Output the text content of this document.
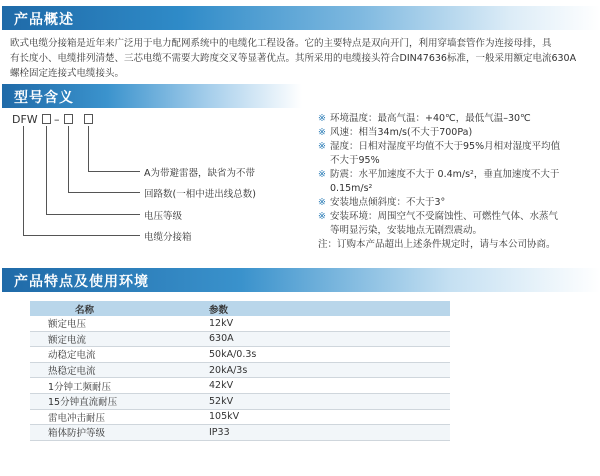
产品概述
欧式电缆分接箱是近年来广泛用于电力配网系统中的电缆化工程设备。它的主要特点是双向开门，利用穿墙套管作为连接母排，具
有长度小、电缆排列清楚、三芯电缆不需要大跨度交叉等显著优点。其所采用的电缆接头符合DIN47636标准，一般采用额定电流630A
螺栓固定连接式电缆接头。
型号含义
DFW –
A为带避雷器，缺省为不带
回路数(一相中进出线总数)
电压等级
电缆分接箱
※ 环境温度：最高气温：+40℃，最低气温–30℃
※ 风速：相当34m/s(不大于700Pa)
※ 湿度：日相对湿度平均值不大于95%月相对湿度平均值
不大于95%
※ 防震：水平加速度不大于 0.4m/s²，垂直加速度不大于
0.15m/s²
※ 安装地点倾斜度：不大于3°
※ 安装环境：周围空气不受腐蚀性、可燃性气体、水蒸气
等明显污染，安装地点无剧烈震动。
注：订购本产品超出上述条件规定时，请与本公司协商。
产品特点及使用环境
名称	参数
额定电压	12kV
额定电流	630A
动稳定电流	50kA/0.3s
热稳定电流	20kA/3s
1分钟工频耐压	42kV
15分钟直流耐压	52kV
雷电冲击耐压	105kV
箱体防护等级	IP33
